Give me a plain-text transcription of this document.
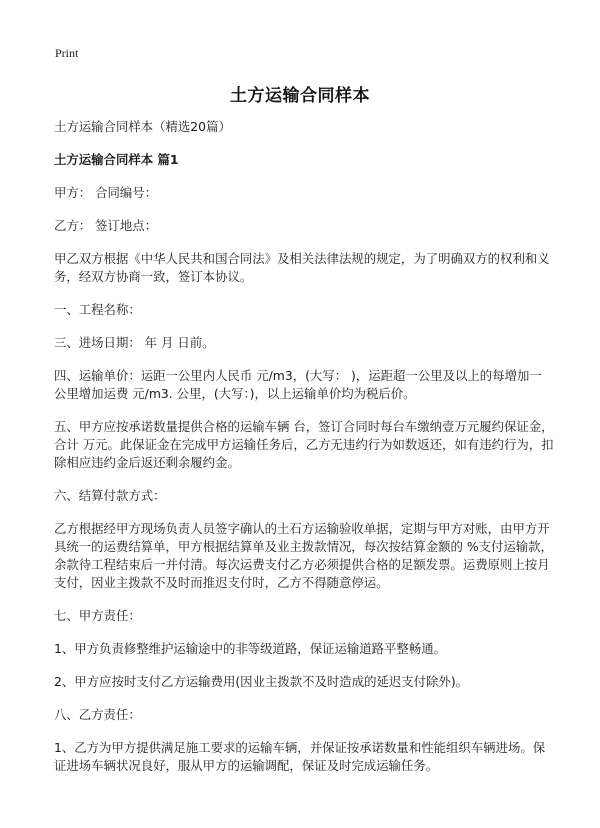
Print
土方运输合同样本

土方运输合同样本（精选20篇）

土方运输合同样本 篇1

甲方： 合同编号：

乙方： 签订地点：

甲乙双方根据《中华人民共和国合同法》及相关法律法规的规定，为了明确双方的权利和义务，经双方协商一致，签订本协议。

一、工程名称：

三、进场日期： 年 月 日前。

四、运输单价：运距一公里内人民币 元/m3，(大写： )，运距超一公里及以上的每增加一公里增加运费 元/m3. 公里，(大写：)，以上运输单价均为税后价。

五、甲方应按承诺数量提供合格的运输车辆 台，签订合同时每台车缴纳壹万元履约保证金，合计 万元。此保证金在完成甲方运输任务后，乙方无违约行为如数返还，如有违约行为，扣除相应违约金后返还剩余履约金。

六、结算付款方式：

乙方根据经甲方现场负责人员签字确认的土石方运输验收单据，定期与甲方对账，由甲方开具统一的运费结算单，甲方根据结算单及业主拨款情况，每次按结算金额的 %支付运输款，余款待工程结束后一并付清。每次运费支付乙方必须提供合格的足额发票。运费原则上按月支付，因业主拨款不及时而推迟支付时，乙方不得随意停运。

七、甲方责任：

1、甲方负责修整维护运输途中的非等级道路，保证运输道路平整畅通。

2、甲方应按时支付乙方运输费用(因业主拨款不及时造成的延迟支付除外)。

八、乙方责任：

1、乙方为甲方提供满足施工要求的运输车辆，并保证按承诺数量和性能组织车辆进场。保证进场车辆状况良好，服从甲方的运输调配，保证及时完成运输任务。
